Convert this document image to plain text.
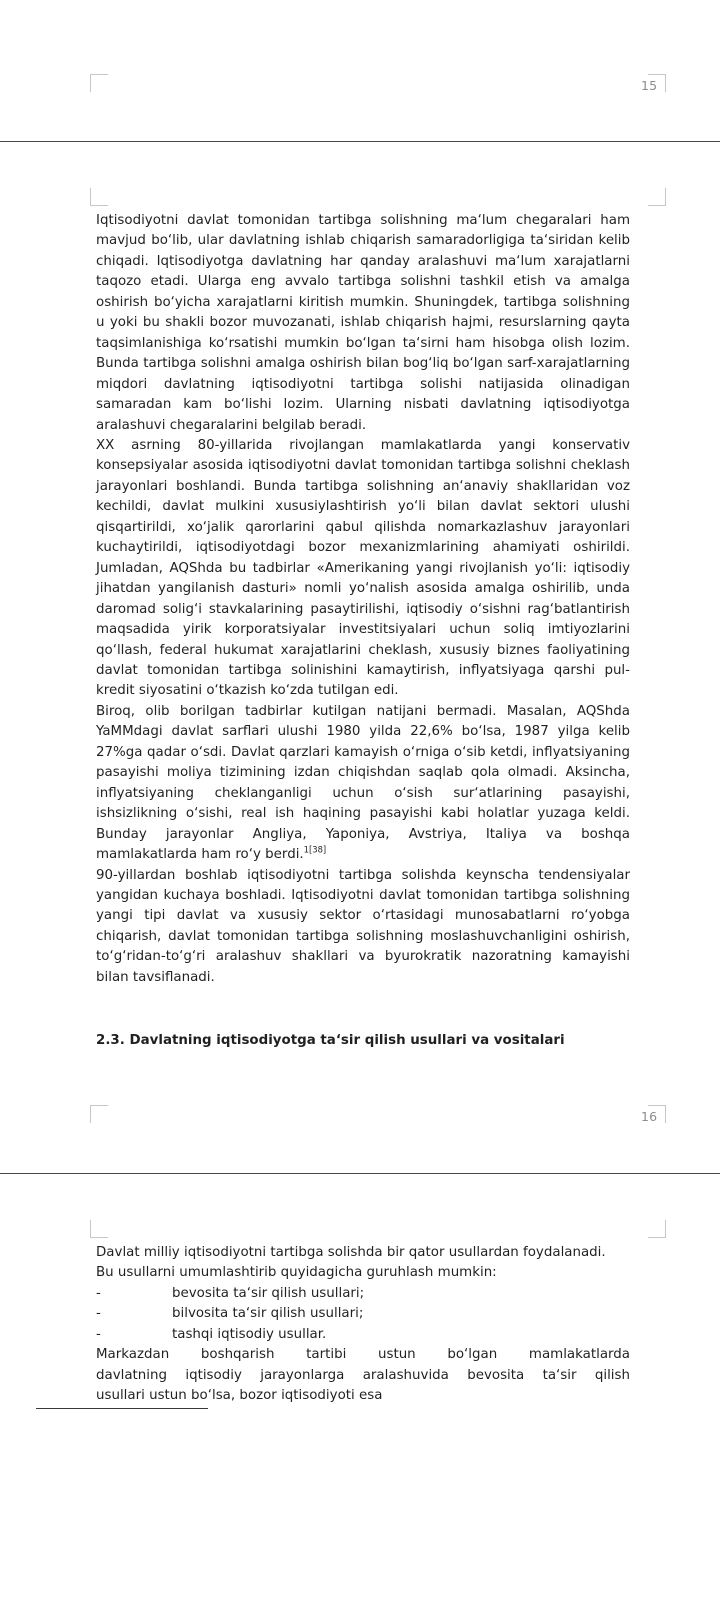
15

Iqtisodiyotni davlat tomonidan tartibga solishning ma‘lum chegaralari ham mavjud bo‘lib, ular davlatning ishlab chiqarish samaradorligiga ta‘siridan kelib chiqadi. Iqtisodiyotga davlatning har qanday aralashuvi ma‘lum xarajatlarni taqozo etadi. Ularga eng avvalo tartibga solishni tashkil etish va amalga oshirish bo‘yicha xarajatlarni kiritish mumkin. Shuningdek, tartibga solishning u yoki bu shakli bozor muvozanati, ishlab chiqarish hajmi, resurslarning qayta taqsimlanishiga ko‘rsatishi mumkin bo‘lgan ta‘sirni ham hisobga olish lozim. Bunda tartibga solishni amalga oshirish bilan bog‘liq bo‘lgan sarf-xarajatlarning miqdori davlatning iqtisodiyotni tartibga solishi natijasida olinadigan samaradan kam bo‘lishi lozim. Ularning nisbati davlatning iqtisodiyotga aralashuvi chegaralarini belgilab beradi.

XX asrning 80-yillarida rivojlangan mamlakatlarda yangi konservativ konsepsiyalar asosida iqtisodiyotni davlat tomonidan tartibga solishni cheklash jarayonlari boshlandi. Bunda tartibga solishning an‘anaviy shakllaridan voz kechildi, davlat mulkini xususiylashtirish yo‘li bilan davlat sektori ulushi qisqartirildi, xo‘jalik qarorlarini qabul qilishda nomarkazlashuv jarayonlari kuchaytirildi, iqtisodiyotdagi bozor mexanizmlarining ahamiyati oshirildi. Jumladan, AQShda bu tadbirlar «Amerikaning yangi rivojlanish yo‘li: iqtisodiy jihatdan yangilanish dasturi» nomli yo‘nalish asosida amalga oshirilib, unda daromad solig‘i stavkalarining pasaytirilishi, iqtisodiy o‘sishni rag‘batlantirish maqsadida yirik korporatsiyalar investitsiyalari uchun soliq imtiyozlarini qo‘llash, federal hukumat xarajatlarini cheklash, xususiy biznes faoliyatining davlat tomonidan tartibga solinishini kamaytirish, inflyatsiyaga qarshi pul-kredit siyosatini o‘tkazish ko‘zda tutilgan edi.

Biroq, olib borilgan tadbirlar kutilgan natijani bermadi. Masalan, AQShda YaMMdagi davlat sarflari ulushi 1980 yilda 22,6% bo‘lsa, 1987 yilga kelib 27%ga qadar o‘sdi. Davlat qarzlari kamayish o‘rniga o‘sib ketdi, inflyatsiyaning pasayishi moliya tizimining izdan chiqishdan saqlab qola olmadi. Aksincha, inflyatsiyaning cheklanganligi uchun o‘sish sur‘atlarining pasayishi, ishsizlikning o‘sishi, real ish haqining pasayishi kabi holatlar yuzaga keldi. Bunday jarayonlar Angliya, Yaponiya, Avstriya, Italiya va boshqa mamlakatlarda ham ro‘y berdi.$^{1[38]}$

90-yillardan boshlab iqtisodiyotni tartibga solishda keynscha tendensiyalar yangidan kuchaya boshladi. Iqtisodiyotni davlat tomonidan tartibga solishning yangi tipi davlat va xususiy sektor o‘rtasidagi munosabatlarni ro‘yobga chiqarish, davlat tomonidan tartibga solishning moslashuvchanligini oshirish, to‘g‘ridan-to‘g‘ri aralashuv shakllari va byurokratik nazoratning kamayishi bilan tavsiflanadi.

2.3. Davlatning iqtisodiyotga ta‘sir qilish usullari va vositalari
16

Davlat milliy iqtisodiyotni tartibga solishda bir qator usullardan foydalanadi.

Bu usullarni umumlashtirib quyidagicha guruhlash mumkin:

-	bevosita ta‘sir qilish usullari;
-	bilvosita ta‘sir qilish usullari;
-	tashqi iqtisodiy usullar.

Markazdan boshqarish tartibi ustun bo‘lgan mamlakatlarda

davlatning iqtisodiy jarayonlarga aralashuvida bevosita ta‘sir qilish

usullari ustun bo‘lsa, bozor iqtisodiyoti esa
